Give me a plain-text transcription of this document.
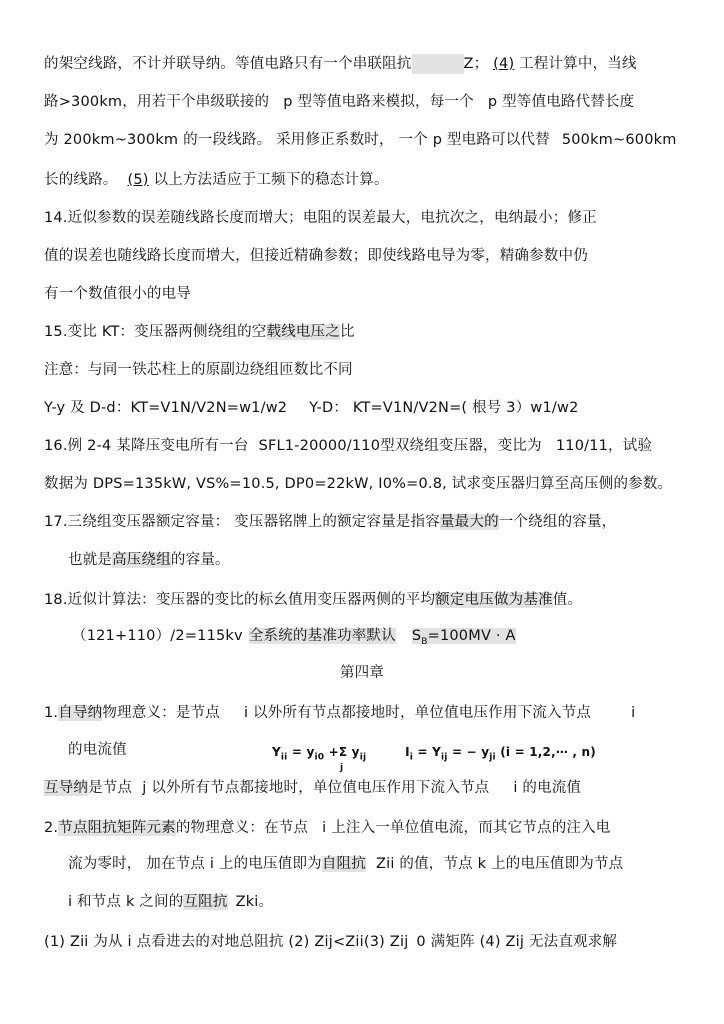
的架空线路，不计并联导纳。等值电路只有一个串联阻抗	Z； (4) 工程计算中，当线
路>300km，用若干个串级联接的 p 型等值电路来模拟，每一个 p 型等值电路代替长度
为 200km~300km 的一段线路。 采用修正系数时， 一个 p 型电路可以代替 500km~600km
长的线路。 (5) 以上方法适应于工频下的稳态计算。
14.近似参数的误差随线路长度而增大；电阻的误差最大，电抗次之，电纳最小；修正
值的误差也随线路长度而增大，但接近精确参数；即使线路电导为零，精确参数中仍
有一个数值很小的电导
15.变比 KT：变压器两侧绕组的空载线电压之比
注意：与同一铁芯柱上的原副边绕组匝数比不同
Y-y 及 D-d：KT=V1N/V2N=w1/w2 Y-D： KT=V1N/V2N=( 根号 3）w1/w2
16.例 2-4 某降压变电所有一台 SFL1-20000/110型双绕组变压器，变比为 110/11，试验
数据为 DPS=135kW, VS%=10.5, DP0=22kW, I0%=0.8, 试求变压器归算至高压侧的参数。
17.三绕组变压器额定容量： 变压器铭牌上的额定容量是指容量最大的一个绕组的容量，
也就是高压绕组的容量。
18.近似计算法：变压器的变比的标幺值用变压器两侧的平均额定电压做为基准值。
（121+110）/2=115kv 全系统的基准功率默认 $S_B=100MV \cdot A$
第四章
1.自导纳物理意义：是节点 i 以外所有节点都接地时，单位值电压作用下流入节点	i
的电流值	$Y_{ii} = y_{i0} +\Sigma$ $y_{ij}$	$I_i = Y_{ij}$ = − $y_{ji}$ (i = 1,2,⋯ , n)
j
互导纳是节点 j 以外所有节点都接地时，单位值电压作用下流入节点 i 的电流值
2.节点阻抗矩阵元素的物理意义：在节点 i 上注入一单位值电流，而其它节点的注入电
流为零时， 加在节点 i 上的电压值即为自阻抗 Zii 的值，节点 k 上的电压值即为节点
i 和节点 k 之间的互阻抗 Zki。
(1) Zii 为从 i 点看进去的对地总阻抗 (2) Zij<Zii(3) Zij 0 满矩阵 (4) Zij 无法直观求解
